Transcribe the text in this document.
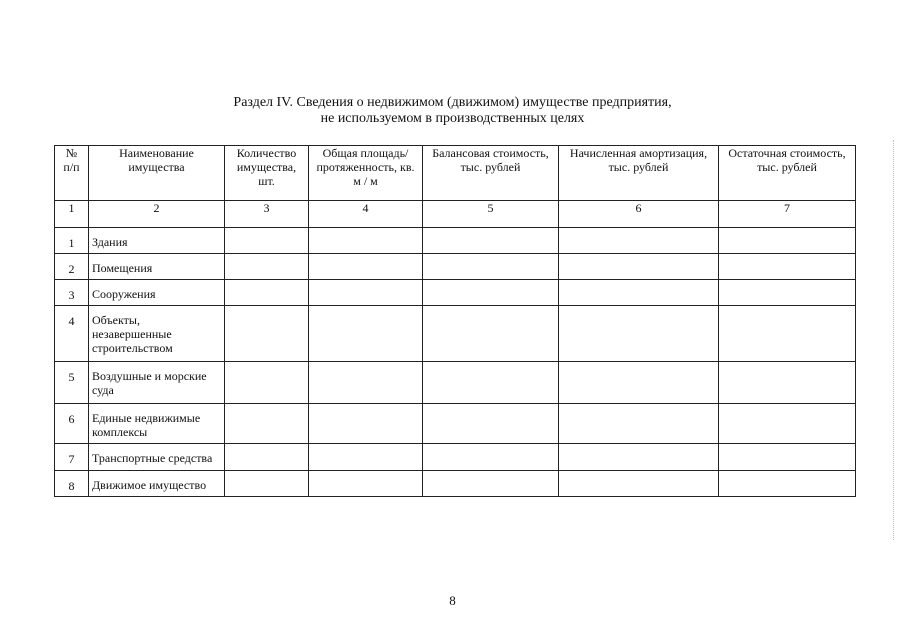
Раздел IV. Сведения о недвижимом (движимом) имуществе предприятия,
не используемом в производственных целях
№ п/п	Наименование имущества	Количество имущества, шт.	Общая площадь/ протяженность, кв. м / м	Балансовая стоимость, тыс. рублей	Начисленная амортизация, тыс. рублей	Остаточная стоимость, тыс. рублей
1	2	3	4	5	6	7
1	Здания					
2	Помещения					
3	Сооружения					
4	Объекты, незавершенные строительством					
5	Воздушные и морские суда					
6	Единые недвижимые комплексы					
7	Транспортные средства					
8	Движимое имущество					
8
